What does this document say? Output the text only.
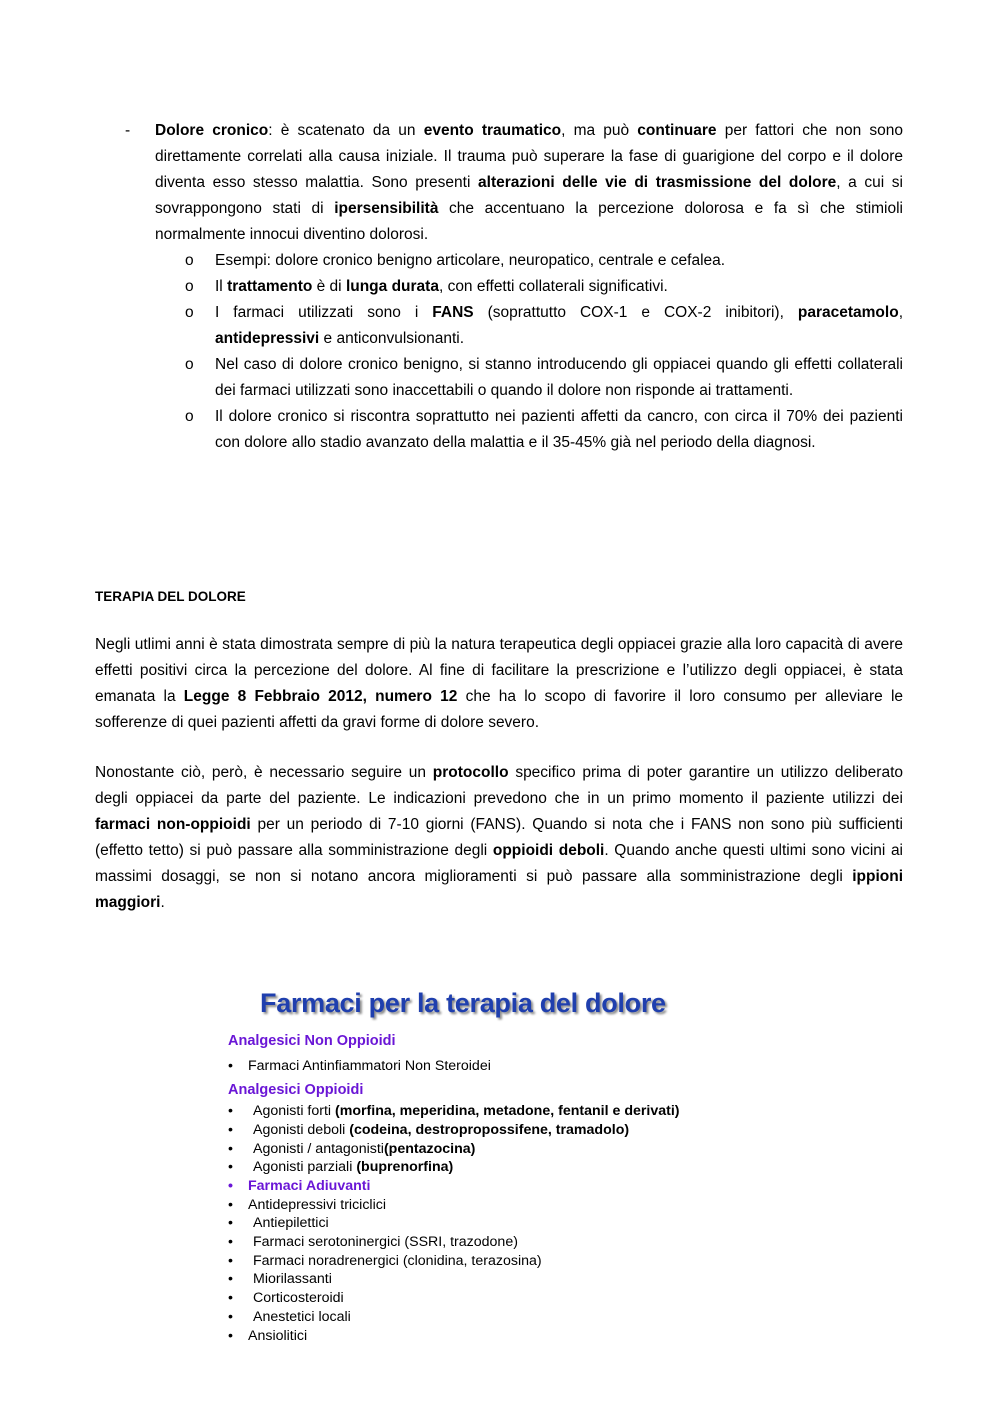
-	Dolore cronico: è scatenato da un evento traumatico, ma può continuare per fattori che non sono direttamente correlati alla causa iniziale. Il trauma può superare la fase di guarigione del corpo e il dolore diventa esso stesso malattia. Sono presenti alterazioni delle vie di trasmissione del dolore, a cui si sovrappongono stati di ipersensibilità che accentuano la percezione dolorosa e fa sì che stimioli normalmente innocui diventino dolorosi.
o Esempi: dolore cronico benigno articolare, neuropatico, centrale e cefalea.
o Il trattamento è di lunga durata, con effetti collaterali significativi.
o I farmaci utilizzati sono i FANS (soprattutto COX-1 e COX-2 inibitori), paracetamolo, antidepressivi e anticonvulsionanti.
o Nel caso di dolore cronico benigno, si stanno introducendo gli oppiacei quando gli effetti collaterali dei farmaci utilizzati sono inaccettabili o quando il dolore non risponde ai trattamenti.
o Il dolore cronico si riscontra soprattutto nei pazienti affetti da cancro, con circa il 70% dei pazienti con dolore allo stadio avanzato della malattia e il 35-45% già nel periodo della diagnosi.
TERAPIA DEL DOLORE
Negli utlimi anni è stata dimostrata sempre di più la natura terapeutica degli oppiacei grazie alla loro capacità di avere effetti positivi circa la percezione del dolore. Al fine di facilitare la prescrizione e l’utilizzo degli oppiacei, è stata emanata la Legge 8 Febbraio 2012, numero 12 che ha lo scopo di favorire il loro consumo per alleviare le sofferenze di quei pazienti affetti da gravi forme di dolore severo.
Nonostante ciò, però, è necessario seguire un protocollo specifico prima di poter garantire un utilizzo deliberato degli oppiacei da parte del paziente. Le indicazioni prevedono che in un primo momento il paziente utilizzi dei farmaci non-oppioidi per un periodo di 7-10 giorni (FANS). Quando si nota che i FANS non sono più sufficienti (effetto tetto) si può passare alla somministrazione degli oppioidi deboli. Quando anche questi ultimi sono vicini ai massimi dosaggi, se non si notano ancora miglioramenti si può passare alla somministrazione degli ippioni maggiori.
Farmaci per la terapia del dolore
Analgesici Non Oppioidi
• Farmaci Antinfiammatori Non Steroidei
Analgesici Oppioidi
• Agonisti forti (morfina, meperidina, metadone, fentanil e derivati)
• Agonisti deboli (codeina, destropropossifene, tramadolo)
• Agonisti / antagonisti(pentazocina)
• Agonisti parziali (buprenorfina)
• Farmaci Adiuvanti
• Antidepressivi triciclici
• Antiepilettici
• Farmaci serotoninergici (SSRI, trazodone)
• Farmaci noradrenergici (clonidina, terazosina)
• Miorilassanti
• Corticosteroidi
• Anestetici locali
• Ansiolitici
